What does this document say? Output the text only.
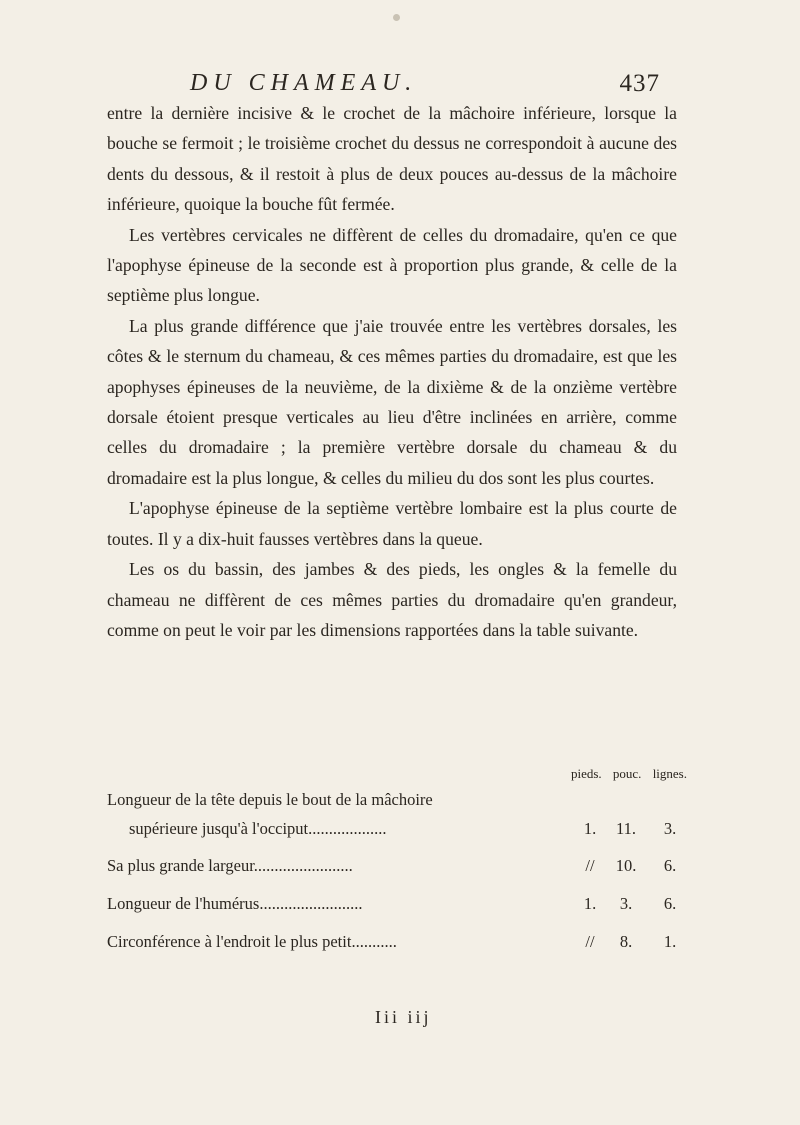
DU CHAMEAU.	437

entre la dernière incisive & le crochet de la mâchoire inférieure, lorsque la bouche se fermoit ; le troisième crochet du dessus ne correspondoit à aucune des dents du dessous, & il restoit à plus de deux pouces au-dessus de la mâchoire inférieure, quoique la bouche fût fermée.

Les vertèbres cervicales ne diffèrent de celles du dromadaire, qu'en ce que l'apophyse épineuse de la seconde est à proportion plus grande, & celle de la septième plus longue.

La plus grande différence que j'aie trouvée entre les vertèbres dorsales, les côtes & le sternum du chameau, & ces mêmes parties du dromadaire, est que les apophyses épineuses de la neuvième, de la dixième & de la onzième vertèbre dorsale étoient presque verticales au lieu d'être inclinées en arrière, comme celles du dromadaire ; la première vertèbre dorsale du chameau & du dromadaire est la plus longue, & celles du milieu du dos sont les plus courtes.

L'apophyse épineuse de la septième vertèbre lombaire est la plus courte de toutes. Il y a dix-huit fausses vertèbres dans la queue.

Les os du bassin, des jambes & des pieds, les ongles & la femelle du chameau ne diffèrent de ces mêmes parties du dromadaire qu'en grandeur, comme on peut le voir par les dimensions rapportées dans la table suivante.

pieds. pouc. lignes.
Longueur de la tête depuis le bout de la mâchoire
supérieure jusqu'à l'occiput...................	1.	11.	3.
Sa plus grande largeur........................	//	10.	6.
Longueur de l'humérus.........................	1.	3.	6.
Circonférence à l'endroit le plus petit...........	//	8.	1.
Iii iij
